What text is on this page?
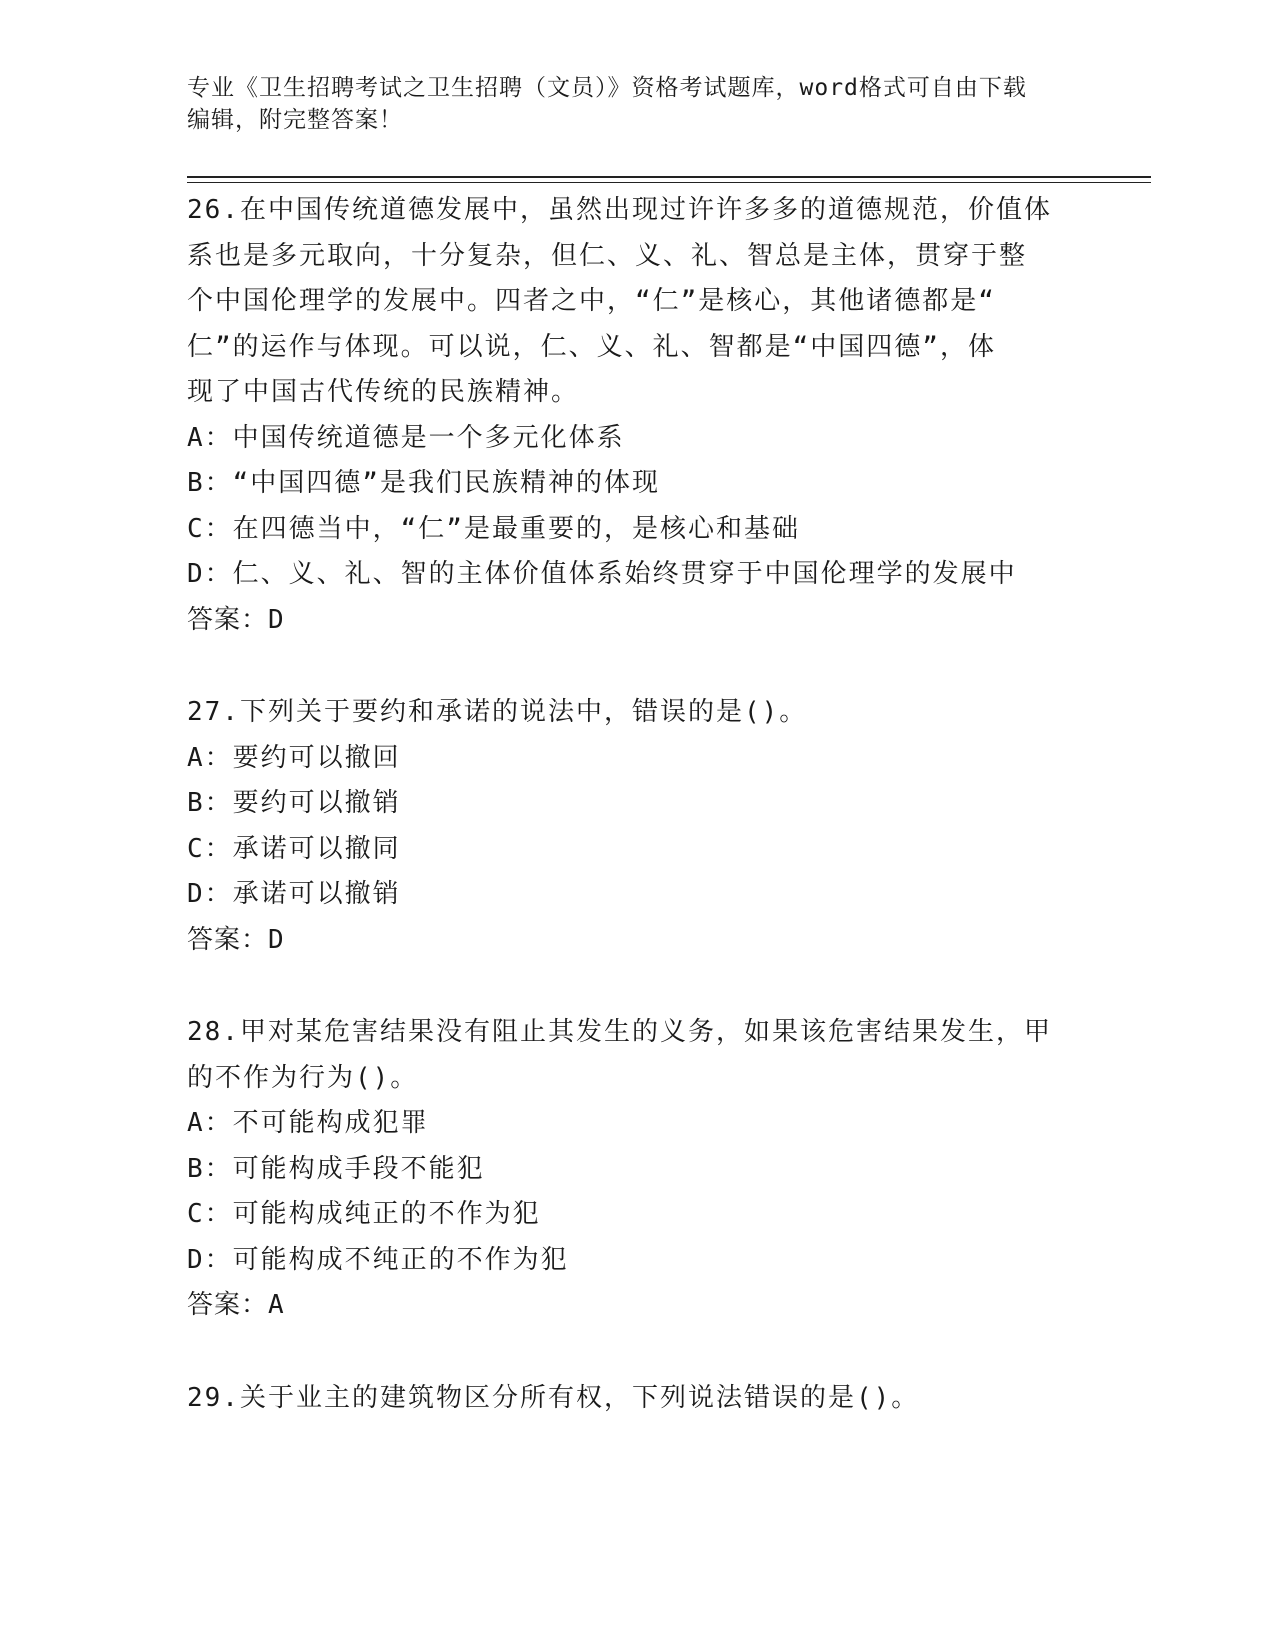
专业《卫生招聘考试之卫生招聘（文员）》资格考试题库，word格式可自由下载
编辑，附完整答案！
26.在中国传统道德发展中，虽然出现过许许多多的道德规范，价值体
系也是多元取向，十分复杂，但仁、义、礼、智总是主体，贯穿于整
个中国伦理学的发展中。四者之中，“仁”是核心，其他诸德都是“
仁”的运作与体现。可以说，仁、义、礼、智都是“中国四德”，体
现了中国古代传统的民族精神。
A：中国传统道德是一个多元化体系
B：“中国四德”是我们民族精神的体现
C：在四德当中，“仁”是最重要的，是核心和基础
D：仁、义、礼、智的主体价值体系始终贯穿于中国伦理学的发展中
答案：D
27.下列关于要约和承诺的说法中，错误的是()。
A：要约可以撤回
B：要约可以撤销
C：承诺可以撤同
D：承诺可以撤销
答案：D
28.甲对某危害结果没有阻止其发生的义务，如果该危害结果发生，甲
的不作为行为()。
A：不可能构成犯罪
B：可能构成手段不能犯
C：可能构成纯正的不作为犯
D：可能构成不纯正的不作为犯
答案：A
29.关于业主的建筑物区分所有权，下列说法错误的是()。
